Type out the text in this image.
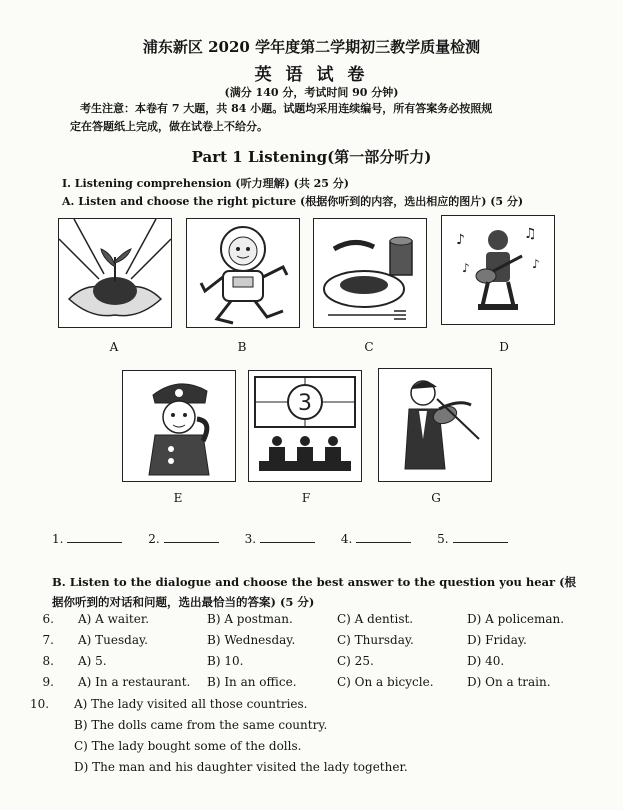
浦东新区 2020 学年度第二学期初三教学质量检测
英 语 试 卷
(满分 140 分，考试时间 90 分钟)
考生注意：本卷有 7 大题，共 84 小题。试题均采用连续编号，所有答案务必按照规
定在答题纸上完成，做在试卷上不给分。
Part 1 Listening(第一部分听力)
I. Listening comprehension (听力理解) (共 25 分)
A. Listen and choose the right picture (根据你听到的内容，选出相应的图片) (5 分)
A	B	C
♪	♫
♪	♪
D
E
3
F	G
1.	2.	3.	4.	5.
B. Listen to the dialogue and choose the best answer to the question you hear (根据你听到的对话和问题，选出最恰当的答案) (5 分)
6. A) A waiter.	B) A postman.	C) A dentist.	D) A policeman.
7. A) Tuesday.	B) Wednesday.	C) Thursday.	D) Friday.
8. A) 5.	B) 10.	C) 25.	D) 40.
9. A) In a restaurant. B) In an office.	C) On a bicycle.	D) On a train.
10. A) The lady visited all those countries.
B) The dolls came from the same country.
C) The lady bought some of the dolls.
D) The man and his daughter visited the lady together.
